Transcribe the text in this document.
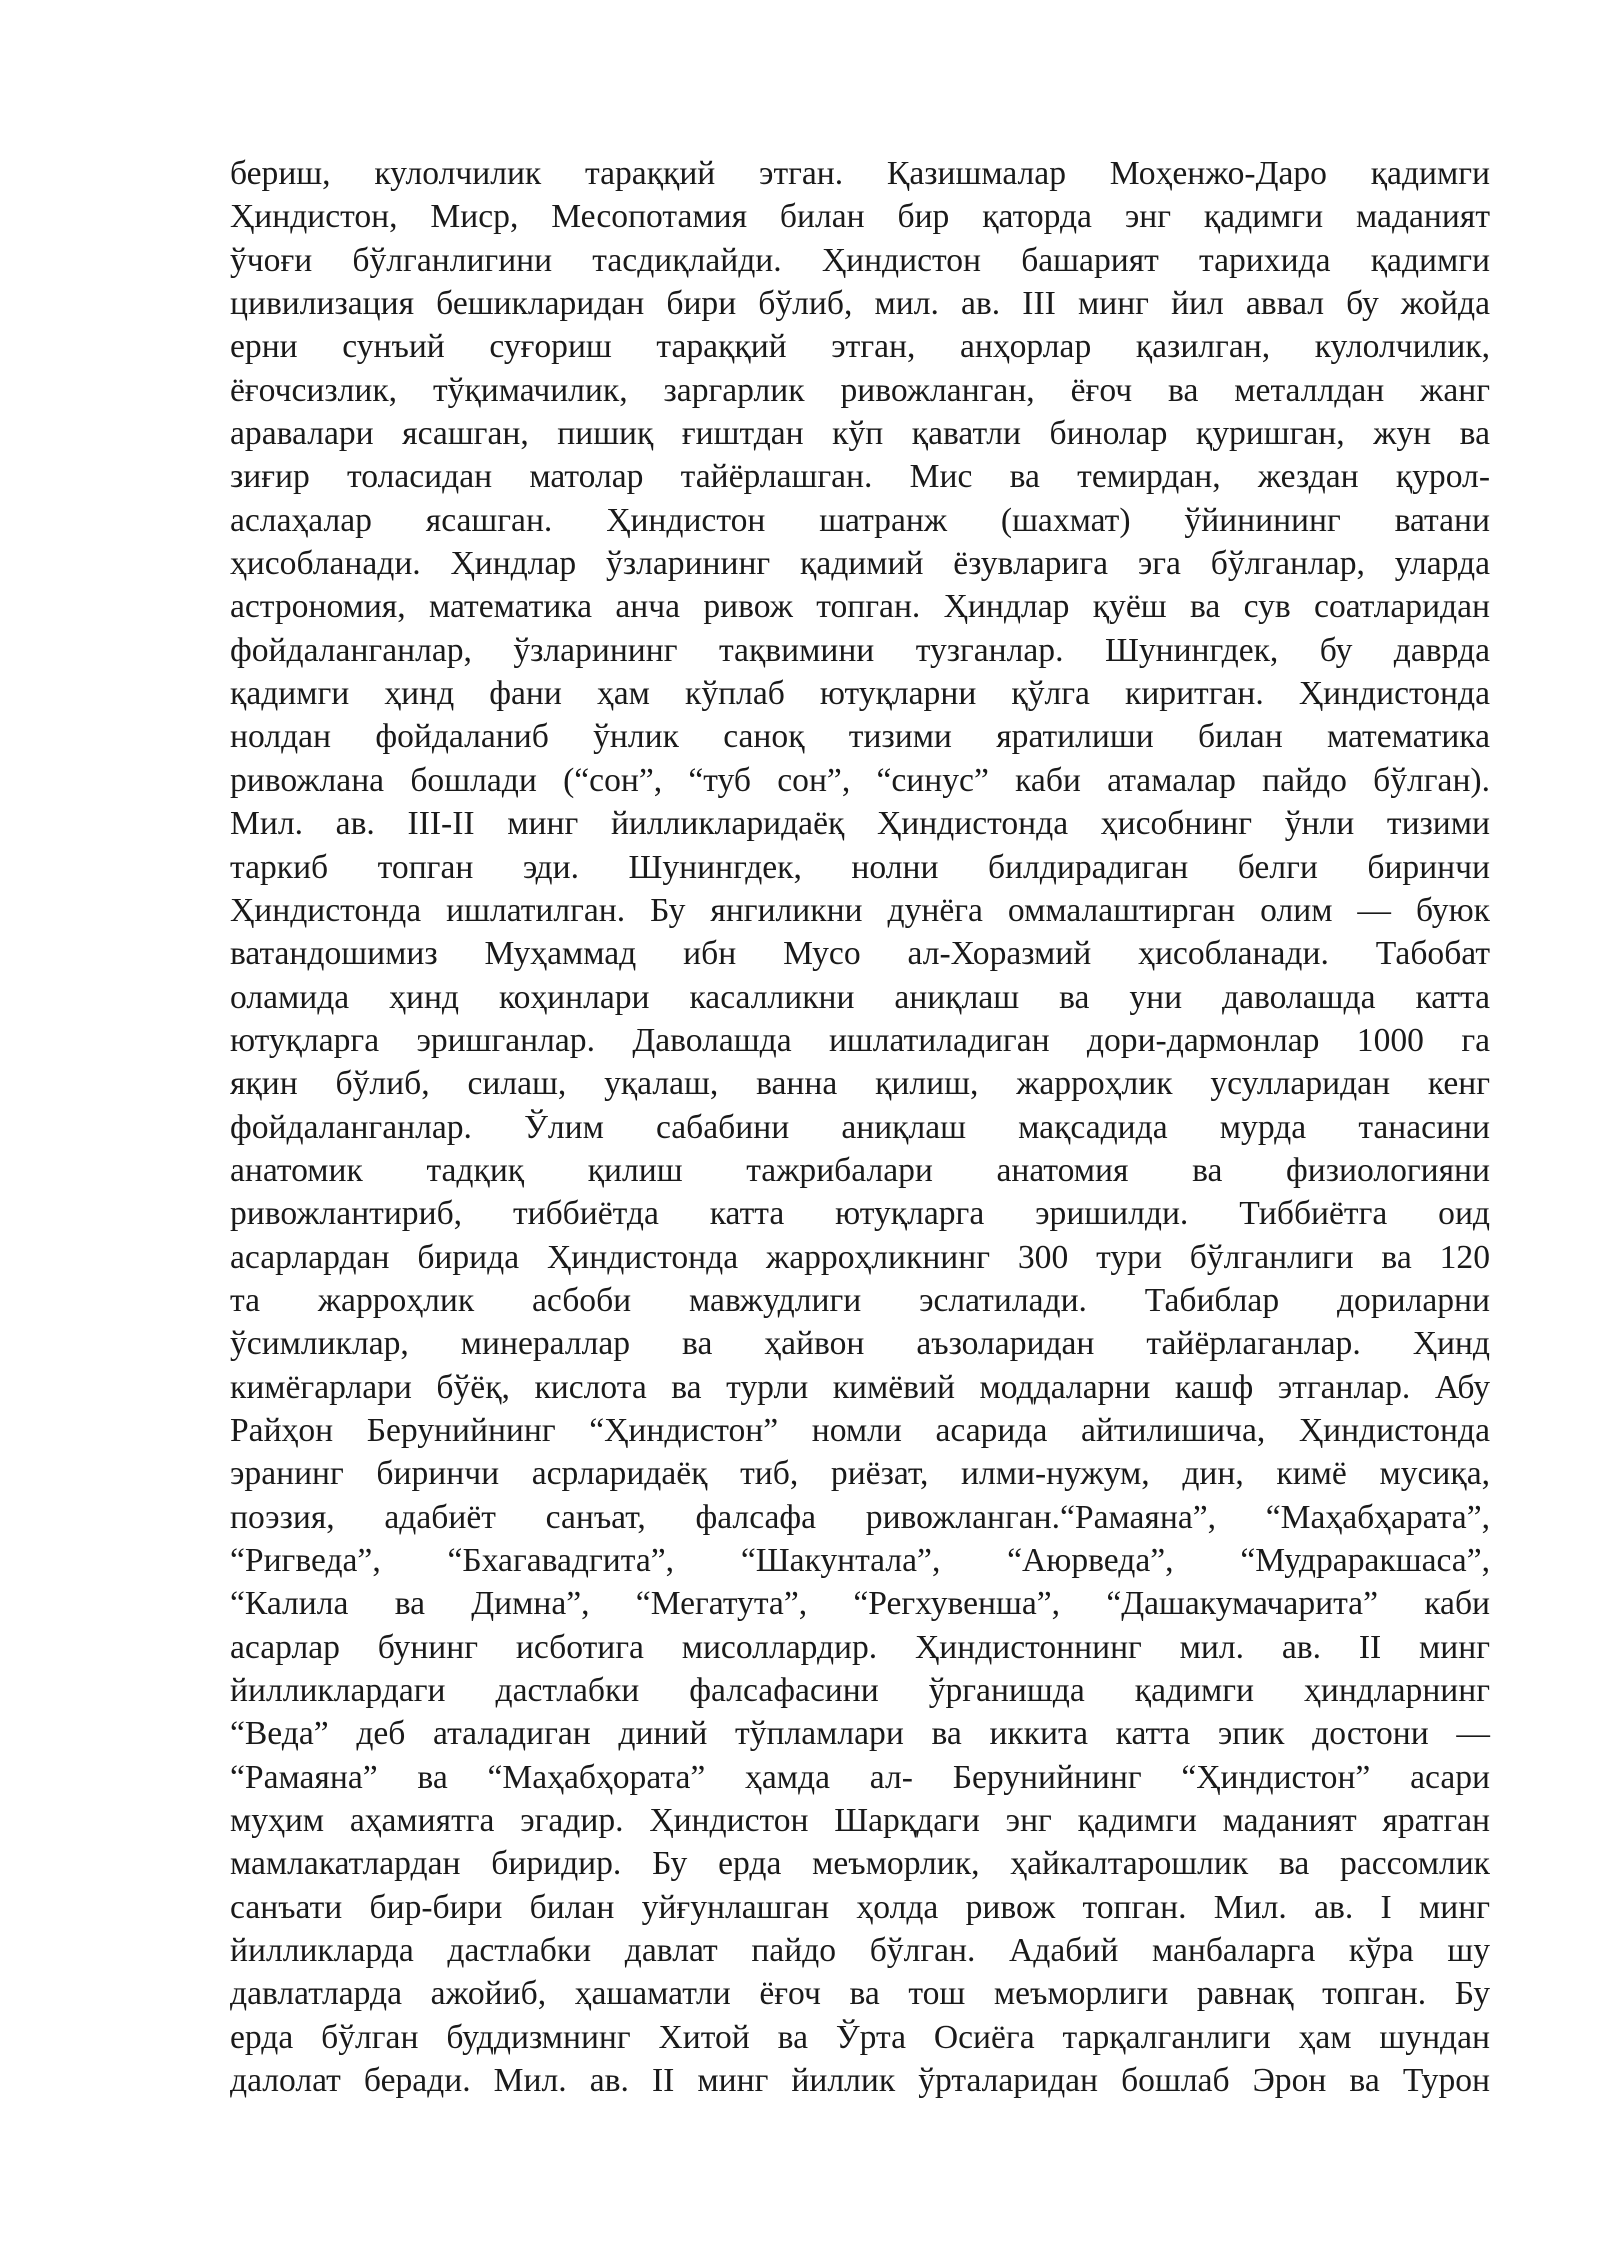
бериш, кулолчилик тараққий этган. Қазишмалар Моҳенжо-Даро қадимги
Ҳиндистон, Миср, Месопотамия билан бир қаторда энг қадимги маданият
ўчоғи бўлганлигини тасдиқлайди. Ҳиндистон башарият тарихида қадимги
цивилизация бешикларидан бири бўлиб, мил. ав. III минг йил аввал бу жойда
ерни сунъий суғориш тараққий этган, анҳорлар қазилган, кулолчилик,
ёғочсизлик, тўқимачилик, заргарлик ривожланган, ёғоч ва металлдан жанг
аравалари ясашган, пишиқ ғиштдан кўп қаватли бинолар қуришган, жун ва
зиғир толасидан матолар тайёрлашган. Мис ва темирдан, жездан қурол-
аслаҳалар ясашган. Ҳиндистон шатранж (шахмат) ўйинининг ватани
ҳисобланади. Ҳиндлар ўзларининг қадимий ёзувларига эга бўлганлар, уларда
астрономия, математика анча ривож топган. Ҳиндлар қуёш ва сув соатларидан
фойдаланганлар, ўзларининг тақвимини тузганлар. Шунингдек, бу даврда
қадимги ҳинд фани ҳам кўплаб ютуқларни қўлга киритган. Ҳиндистонда
нолдан фойдаланиб ўнлик саноқ тизими яратилиши билан математика
ривожлана бошлади (“сон”, “туб сон”, “синус” каби атамалар пайдо бўлган).
Мил. ав. III-II минг йилликларидаёқ Ҳиндистонда ҳисобнинг ўнли тизими
таркиб топган эди. Шунингдек, нолни билдирадиган белги биринчи
Ҳиндистонда ишлатилган. Бу янгиликни дунёга оммалаштирган олим — буюк
ватандошимиз Муҳаммад ибн Мусо ал-Хоразмий ҳисобланади. Табобат
оламида ҳинд коҳинлари касалликни аниқлаш ва уни даволашда катта
ютуқларга эришганлар. Даволашда ишлатиладиган дори-дармонлар 1000 га
яқин бўлиб, силаш, уқалаш, ванна қилиш, жарроҳлик усулларидан кенг
фойдаланганлар. Ўлим сабабини аниқлаш мақсадида мурда танасини
анатомик тадқиқ қилиш тажрибалари анатомия ва физиологияни
ривожлантириб, тиббиётда катта ютуқларга эришилди. Тиббиётга оид
асарлардан бирида Ҳиндистонда жарроҳликнинг 300 тури бўлганлиги ва 120
та жарроҳлик асбоби мавжудлиги эслатилади. Табиблар дориларни
ўсимликлар, минераллар ва ҳайвон аъзоларидан тайёрлаганлар. Ҳинд
кимёгарлари бўёқ, кислота ва турли кимёвий моддаларни кашф этганлар. Абу
Райҳон Берунийнинг “Ҳиндистон” номли асарида айтилишича, Ҳиндистонда
эранинг биринчи асрларидаёқ тиб, риёзат, илми-нужум, дин, кимё мусиқа,
поэзия, адабиёт санъат, фалсафа ривожланган.“Рамаяна”, “Маҳабҳарата”,
“Ригведа”, “Бхагавадгита”, “Шакунтала”, “Аюрведа”, “Мудраракшаса”,
“Калила ва Димна”, “Мегатута”, “Регхувенша”, “Дашакумачарита” каби
асарлар бунинг исботига мисоллардир. Ҳиндистоннинг мил. ав. II минг
йилликлардаги дастлабки фалсафасини ўрганишда қадимги ҳиндларнинг
“Веда” деб аталадиган диний тўпламлари ва иккита катта эпик достони —
“Рамаяна” ва “Маҳабҳората” ҳамда ал- Берунийнинг “Ҳиндистон” асари
муҳим аҳамиятга эгадир. Ҳиндистон Шарқдаги энг қадимги маданият яратган
мамлакатлардан биридир. Бу ерда меъморлик, ҳайкалтарошлик ва рассомлик
санъати бир-бири билан уйғунлашган ҳолда ривож топган. Мил. ав. I минг
йилликларда дастлабки давлат пайдо бўлган. Адабий манбаларга кўра шу
давлатларда ажойиб, ҳашаматли ёғоч ва тош меъморлиги равнақ топган. Бу
ерда бўлган буддизмнинг Хитой ва Ўрта Осиёга тарқалганлиги ҳам шундан
далолат беради. Мил. ав. II минг йиллик ўрталаридан бошлаб Эрон ва Турон
